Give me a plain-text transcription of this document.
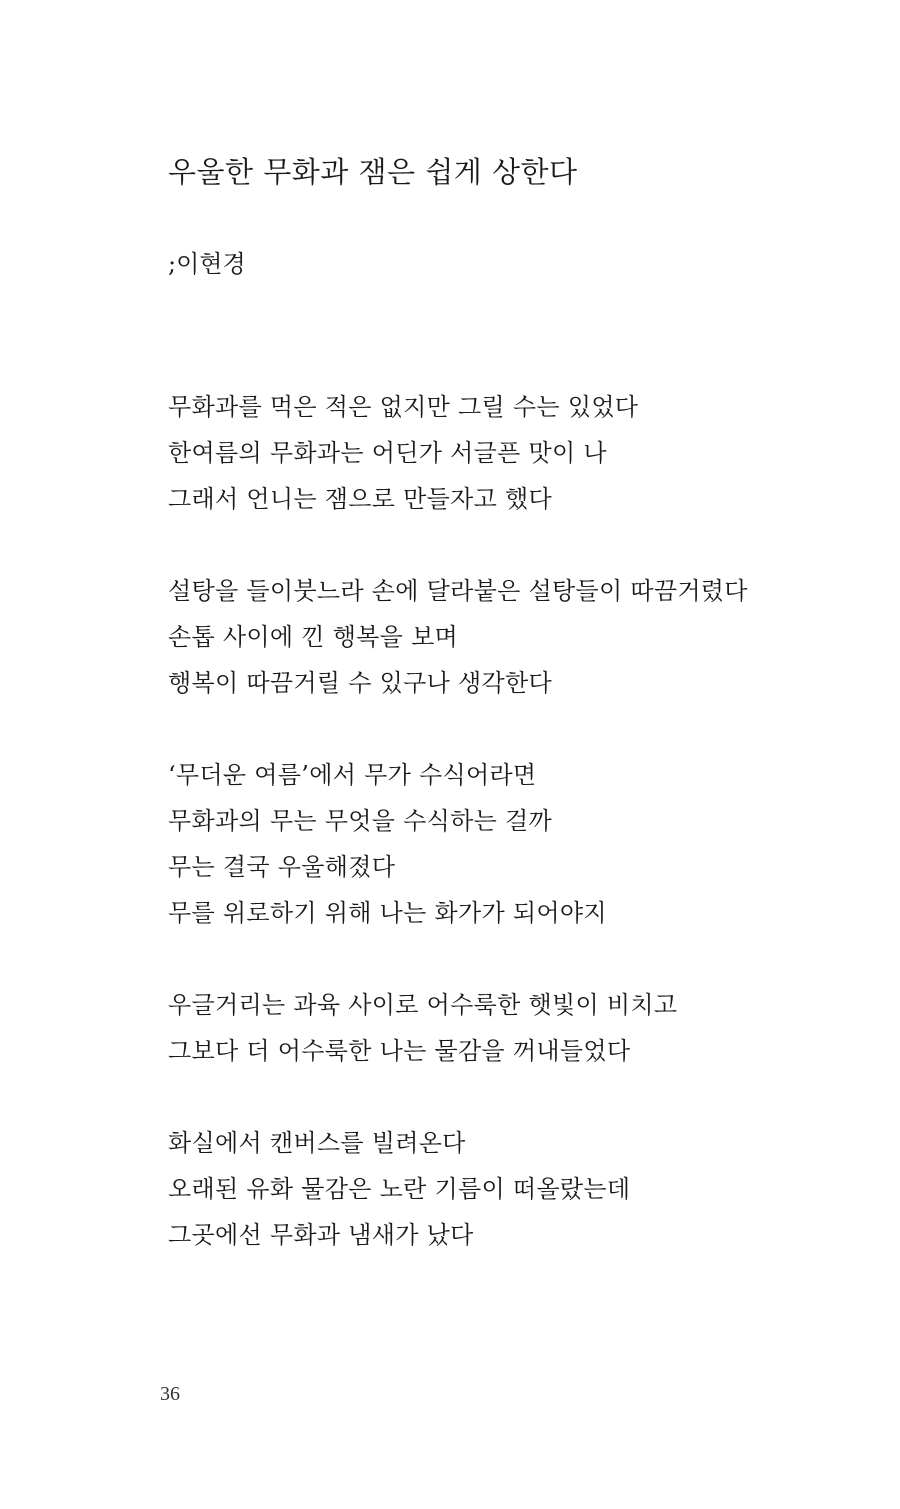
우울한 무화과 잼은 쉽게 상한다

;이현경

무화과를 먹은 적은 없지만 그릴 수는 있었다
한여름의 무화과는 어딘가 서글픈 맛이 나
그래서 언니는 잼으로 만들자고 했다
설탕을 들이붓느라 손에 달라붙은 설탕들이 따끔거렸다
손톱 사이에 낀 행복을 보며
행복이 따끔거릴 수 있구나 생각한다
‘무더운 여름’에서 무가 수식어라면
무화과의 무는 무엇을 수식하는 걸까
무는 결국 우울해졌다
무를 위로하기 위해 나는 화가가 되어야지
우글거리는 과육 사이로 어수룩한 햇빛이 비치고
그보다 더 어수룩한 나는 물감을 꺼내들었다
화실에서 캔버스를 빌려온다
오래된 유화 물감은 노란 기름이 떠올랐는데
그곳에선 무화과 냄새가 났다
36
